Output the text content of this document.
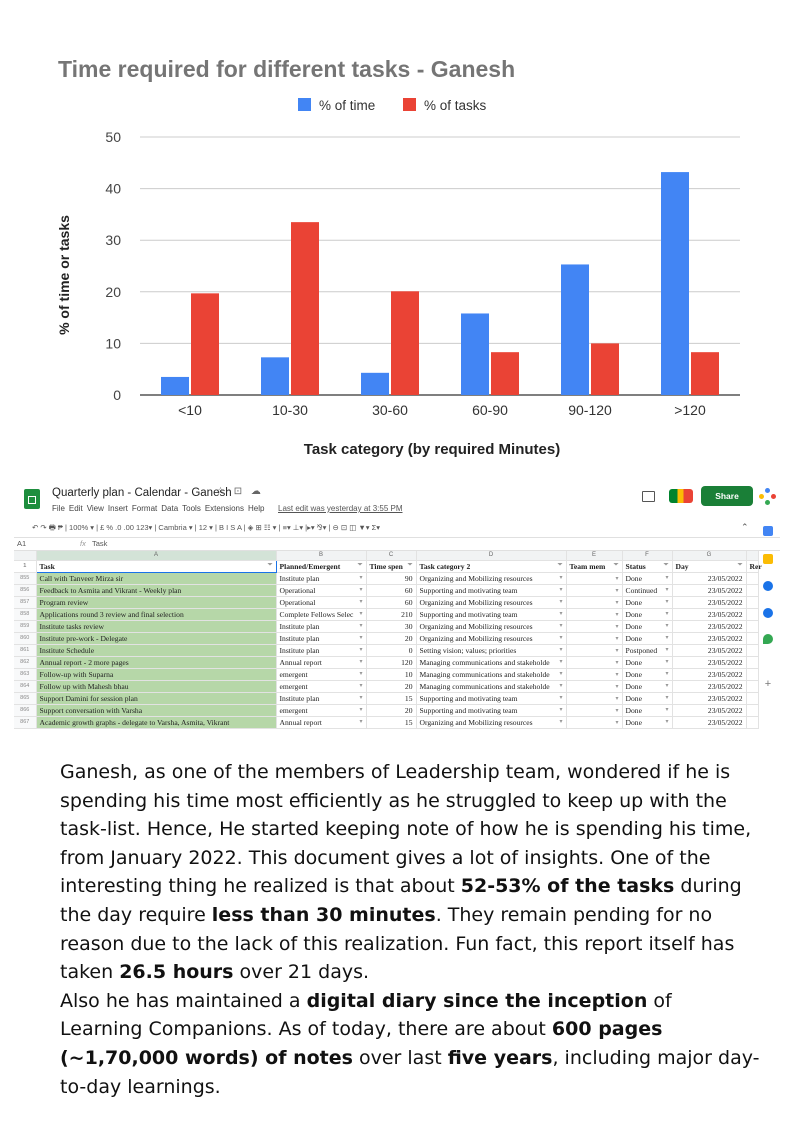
Time required for different tasks - Ganesh
% of time	% of tasks
<10	10-30	30-60	60-90	90-120	>120
0
10
20
30
40
50
Task category (by required Minutes)
% of time or tasks
Quarterly plan - Calendar - Ganesh
☆ ⊡ ☁
File Edit View Insert Format Data Tools Extensions Help	Last edit was yesterday at 3:55 PM
Share
↶ ↷ 🖶 ₱ | 100% ▾ | £ % .0 .00 123▾ | Cambria ▾ | 12 ▾ | B I S A | ◈ ⊞ ☷ ▾ | ≡▾ ⊥▾ |▸▾ ⅋▾ | ⊖ ⊡ ◫ ▼▾ Σ▾	⌃
A1	fx Task
+
	A	B	C	D	E	F	G	
1	Task ⏷	Planned/Emergent ⏷	Time spen ⏷	Task category 2 ⏷	Team mem ⏷	Status ⏷	Day ⏷	Rer
855	Call with Tanveer Mirza sir	Institute plan ▾	90	Organizing and Mobilizing resources ▾	▾	Done ▾	23/05/2022	
856	Feedback to Asmita and Vikrant - Weekly plan	Operational ▾	60	Supporting and motivating team ▾	▾	Continued ▾	23/05/2022	
857	Program review	Operational ▾	60	Organizing and Mobilizing resources ▾	▾	Done ▾	23/05/2022	
858	Applications round 3 review and final selection	Complete Fellows Selec ▾	210	Supporting and motivating team ▾	▾	Done ▾	23/05/2022	
859	Institute tasks review	Institute plan ▾	30	Organizing and Mobilizing resources ▾	▾	Done ▾	23/05/2022	
860	Institute pre-work - Delegate	Institute plan ▾	20	Organizing and Mobilizing resources ▾	▾	Done ▾	23/05/2022	
861	Institute Schedule	Institute plan ▾	0	Setting vision; values; priorities ▾	▾	Postponed ▾	23/05/2022	
862	Annual report - 2 more pages	Annual report ▾	120	Managing communications and stakeholde ▾	▾	Done ▾	23/05/2022	
863	Follow-up with Suparna	emergent ▾	10	Managing communications and stakeholde ▾	▾	Done ▾	23/05/2022	
864	Follow up with Mahesh bhau	emergent ▾	20	Managing communications and stakeholde ▾	▾	Done ▾	23/05/2022	
865	Support Damini for session plan	Institute plan ▾	15	Supporting and motivating team ▾	▾	Done ▾	23/05/2022	
866	Support conversation with Varsha	emergent ▾	20	Supporting and motivating team ▾	▾	Done ▾	23/05/2022	
867	Academic growth graphs - delegate to Varsha, Asmita, Vikrant	Annual report ▾	15	Organizing and Mobilizing resources ▾	▾	Done ▾	23/05/2022	
Ganesh, as one of the members of Leadership team, wondered if he is spending his time most efficiently as he struggled to keep up with the task-list. Hence, He started keeping note of how he is spending his time, from January 2022. This document gives a lot of insights. One of the interesting thing he realized is that about 52-53% of the tasks during the day require less than 30 minutes. They remain pending for no reason due to the lack of this realization. Fun fact, this report itself has taken 26.5 hours over 21 days.
Also he has maintained a digital diary since the inception of Learning Companions. As of today, there are about 600 pages (~1,70,000 words) of notes over last five years, including major day-to-day learnings.
